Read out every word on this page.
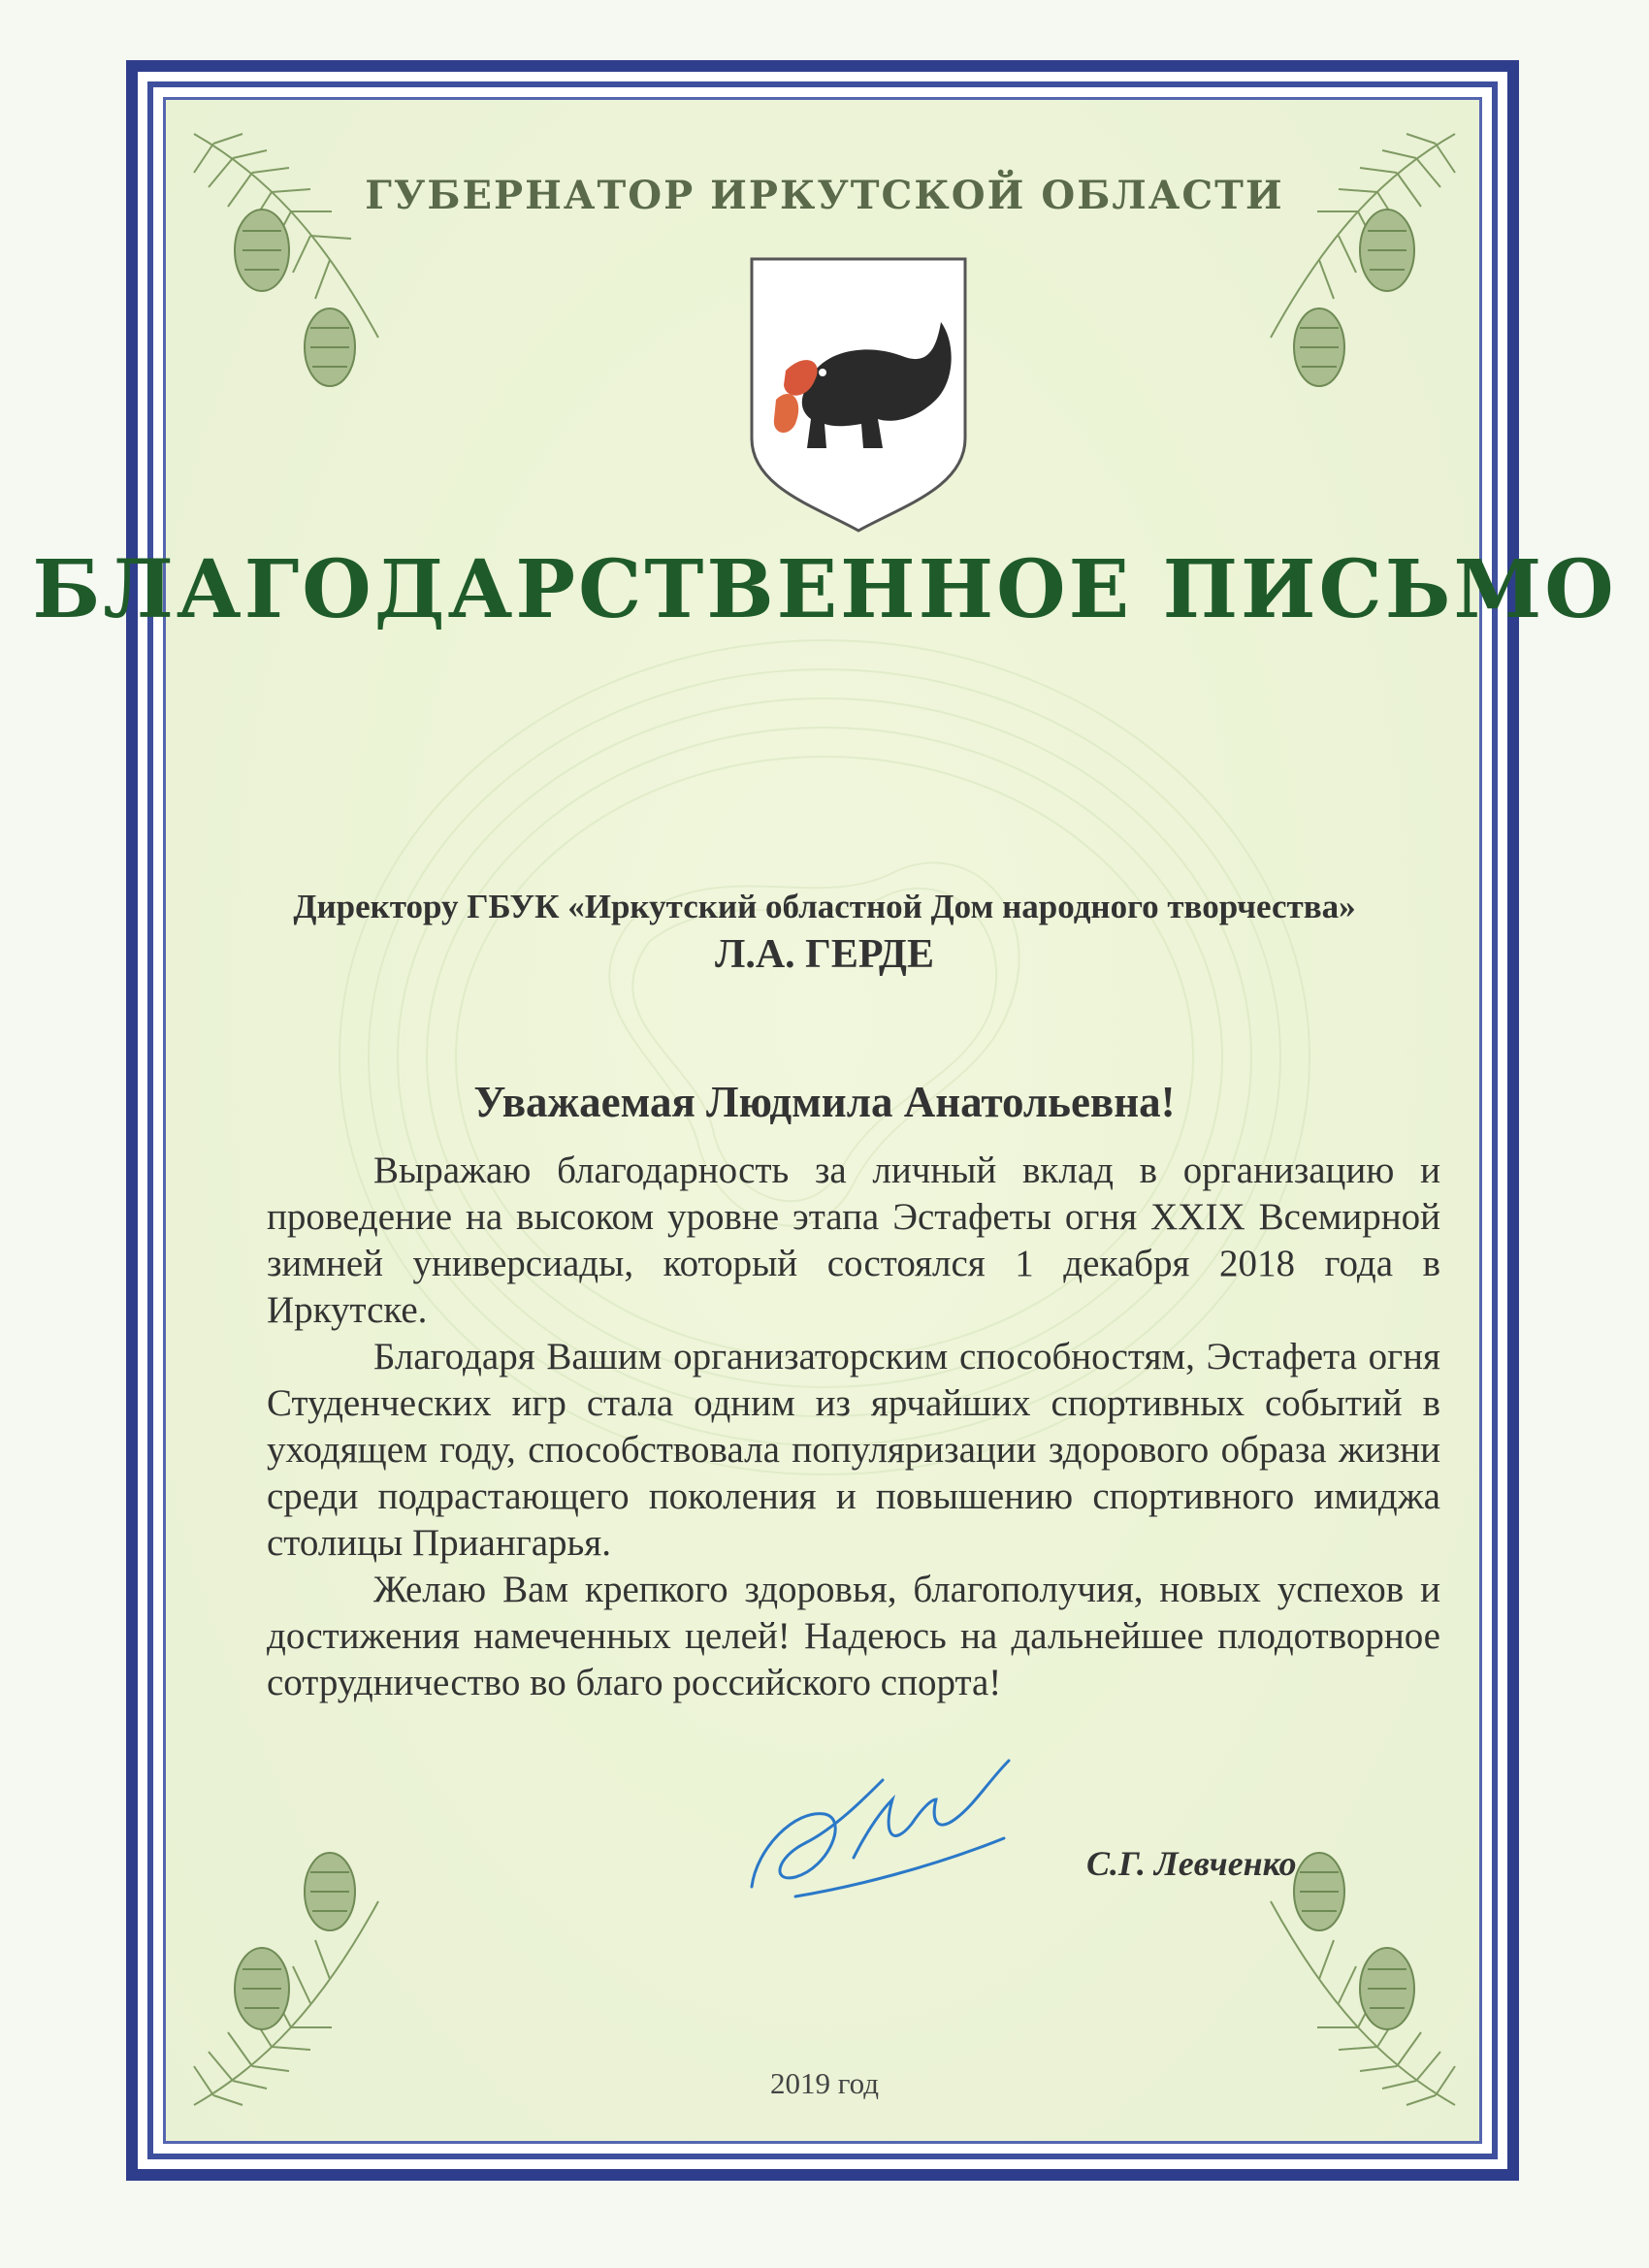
ГУБЕРНАТОР ИРКУТСКОЙ ОБЛАСТИ
БЛАГОДАРСТВЕННОЕ ПИСЬМО
Директору ГБУК «Иркутский областной Дом народного творчества»
Л.А. ГЕРДЕ
Уважаемая Людмила Анатольевна!

Выражаю благодарность за личный вклад в организацию и проведение на высоком уровне этапа Эстафеты огня XXIX Всемирной зимней универсиады, который состоялся 1 декабря 2018 года в Иркутске.

Благодаря Вашим организаторским способностям, Эстафета огня Студенческих игр стала одним из ярчайших спортивных событий в уходящем году, способствовала популяризации здорового образа жизни среди подрастающего поколения и повышению спортивного имиджа столицы Приангарья.

Желаю Вам крепкого здоровья, благополучия, новых успехов и достижения намеченных целей! Надеюсь на дальнейшее плодотворное сотрудничество во благо российского спорта!

С.Г. Левченко
2019 год
